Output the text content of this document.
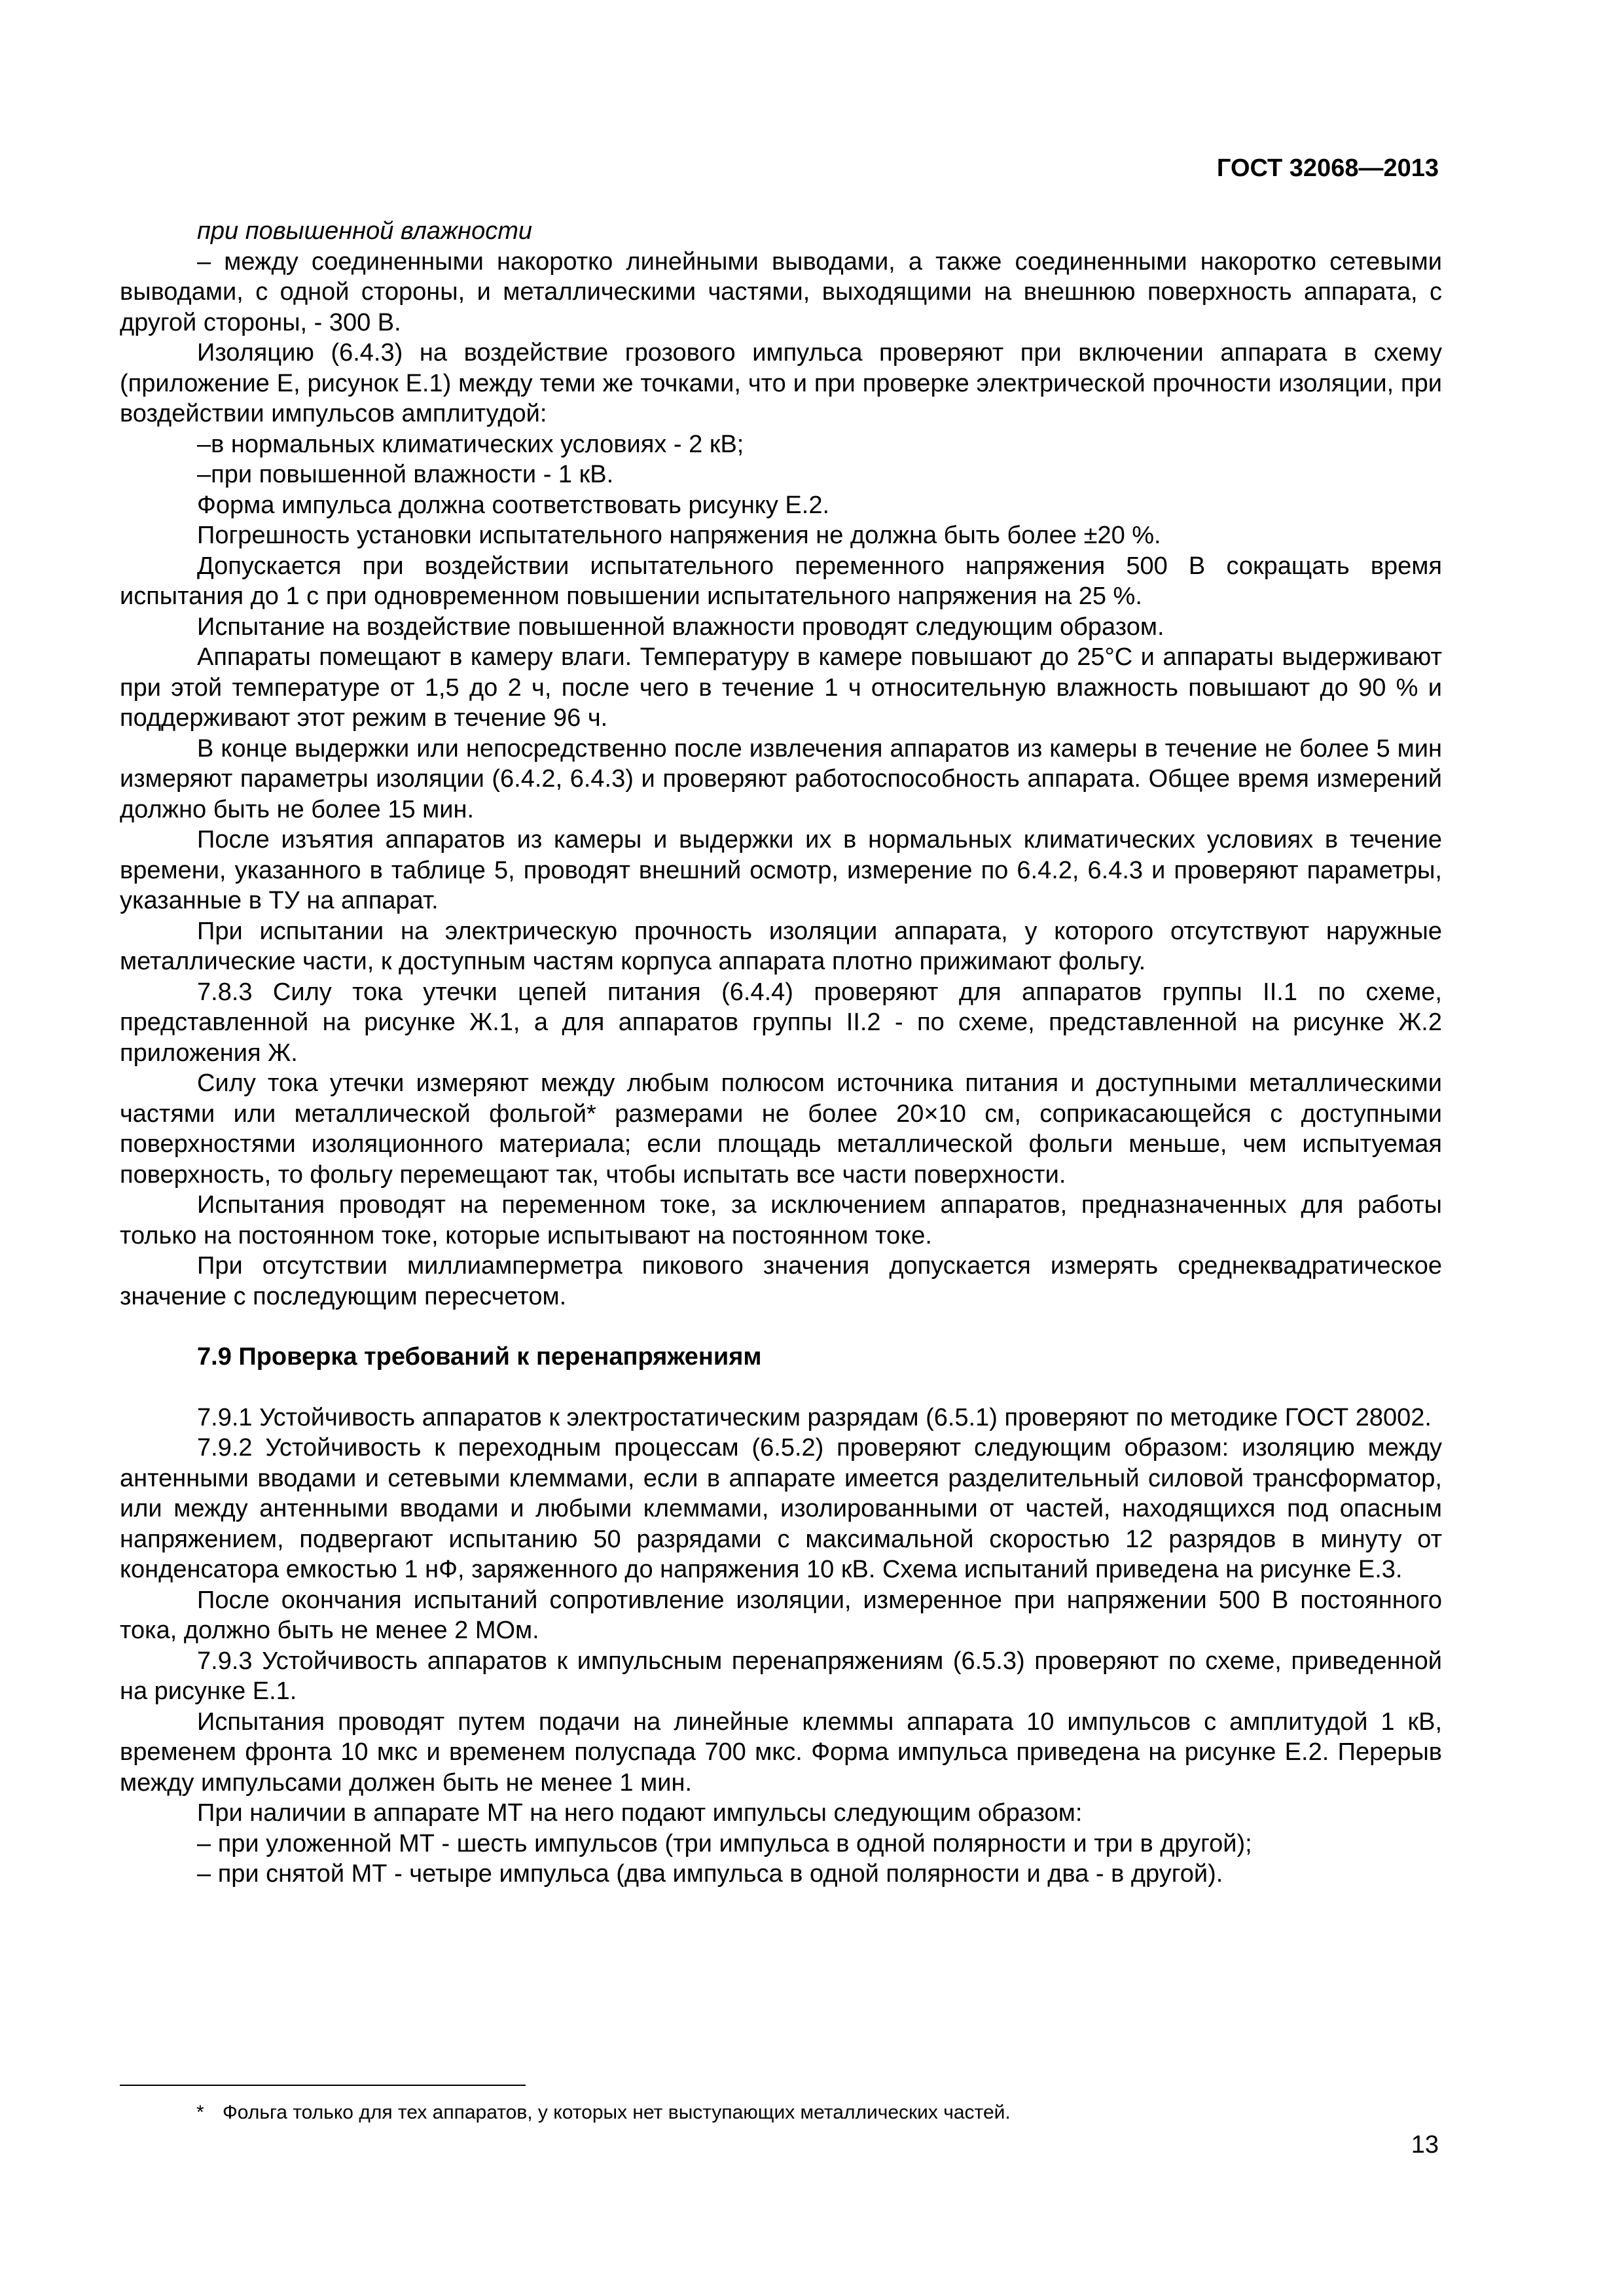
ГОСТ 32068—2013

при повышенной влажности

– между соединенными накоротко линейными выводами, а также соединенными накоротко сетевыми выводами, с одной стороны, и металлическими частями, выходящими на внешнюю поверхность аппарата, с другой стороны, - 300 В.

Изоляцию (6.4.3) на воздействие грозового импульса проверяют при включении аппарата в схему (приложение Е, рисунок Е.1) между теми же точками, что и при проверке электрической прочности изоляции, при воздействии импульсов амплитудой:

–в нормальных климатических условиях - 2 кВ;

–при повышенной влажности - 1 кВ.

Форма импульса должна соответствовать рисунку Е.2.

Погрешность установки испытательного напряжения не должна быть более ±20 %.

Допускается при воздействии испытательного переменного напряжения 500 В сокращать время испытания до 1 с при одновременном повышении испытательного напряжения на 25 %.

Испытание на воздействие повышенной влажности проводят следующим образом.

Аппараты помещают в камеру влаги. Температуру в камере повышают до 25°С и аппараты выдерживают при этой температуре от 1,5 до 2 ч, после чего в течение 1 ч относительную влажность повышают до 90 % и поддерживают этот режим в течение 96 ч.

В конце выдержки или непосредственно после извлечения аппаратов из камеры в течение не более 5 мин измеряют параметры изоляции (6.4.2, 6.4.3) и проверяют работоспособность аппарата. Общее время измерений должно быть не более 15 мин.

После изъятия аппаратов из камеры и выдержки их в нормальных климатических условиях в течение времени, указанного в таблице 5, проводят внешний осмотр, измерение по 6.4.2, 6.4.3 и проверяют параметры, указанные в ТУ на аппарат.

При испытании на электрическую прочность изоляции аппарата, у которого отсутствуют наружные металлические части, к доступным частям корпуса аппарата плотно прижимают фольгу.

7.8.3 Силу тока утечки цепей питания (6.4.4) проверяют для аппаратов группы II.1 по схеме, представленной на рисунке Ж.1, а для аппаратов группы II.2 - по схеме, представленной на рисунке Ж.2 приложения Ж.

Силу тока утечки измеряют между любым полюсом источника питания и доступными металлическими частями или металлической фольгой* размерами не более 20×10 см, соприкасающейся с доступными поверхностями изоляционного материала; если площадь металлической фольги меньше, чем испытуемая поверхность, то фольгу перемещают так, чтобы испытать все части поверхности.

Испытания проводят на переменном токе, за исключением аппаратов, предназначенных для работы только на постоянном токе, которые испытывают на постоянном токе.

При отсутствии миллиамперметра пикового значения допускается измерять среднеквадратическое значение с последующим пересчетом.

7.9 Проверка требований к перенапряжениям

7.9.1 Устойчивость аппаратов к электростатическим разрядам (6.5.1) проверяют по методике ГОСТ 28002.

7.9.2 Устойчивость к переходным процессам (6.5.2) проверяют следующим образом: изоляцию между антенными вводами и сетевыми клеммами, если в аппарате имеется разделительный силовой трансформатор, или между антенными вводами и любыми клеммами, изолированными от частей, находящихся под опасным напряжением, подвергают испытанию 50 разрядами с максимальной скоростью 12 разрядов в минуту от конденсатора емкостью 1 нФ, заряженного до напряжения 10 кВ. Схема испытаний приведена на рисунке Е.3.

После окончания испытаний сопротивление изоляции, измеренное при напряжении 500 В постоянного тока, должно быть не менее 2 МОм.

7.9.3 Устойчивость аппаратов к импульсным перенапряжениям (6.5.3) проверяют по схеме, приведенной на рисунке Е.1.

Испытания проводят путем подачи на линейные клеммы аппарата 10 импульсов с амплитудой 1 кВ, временем фронта 10 мкс и временем полуспада 700 мкс. Форма импульса приведена на рисунке Е.2. Перерыв между импульсами должен быть не менее 1 мин.

При наличии в аппарате МТ на него подают импульсы следующим образом:

– при уложенной МТ - шесть импульсов (три импульса в одной полярности и три в другой);

– при снятой МТ - четыре импульса (два импульса в одной полярности и два - в другой).

* Фольга только для тех аппаратов, у которых нет выступающих металлических частей.
13
